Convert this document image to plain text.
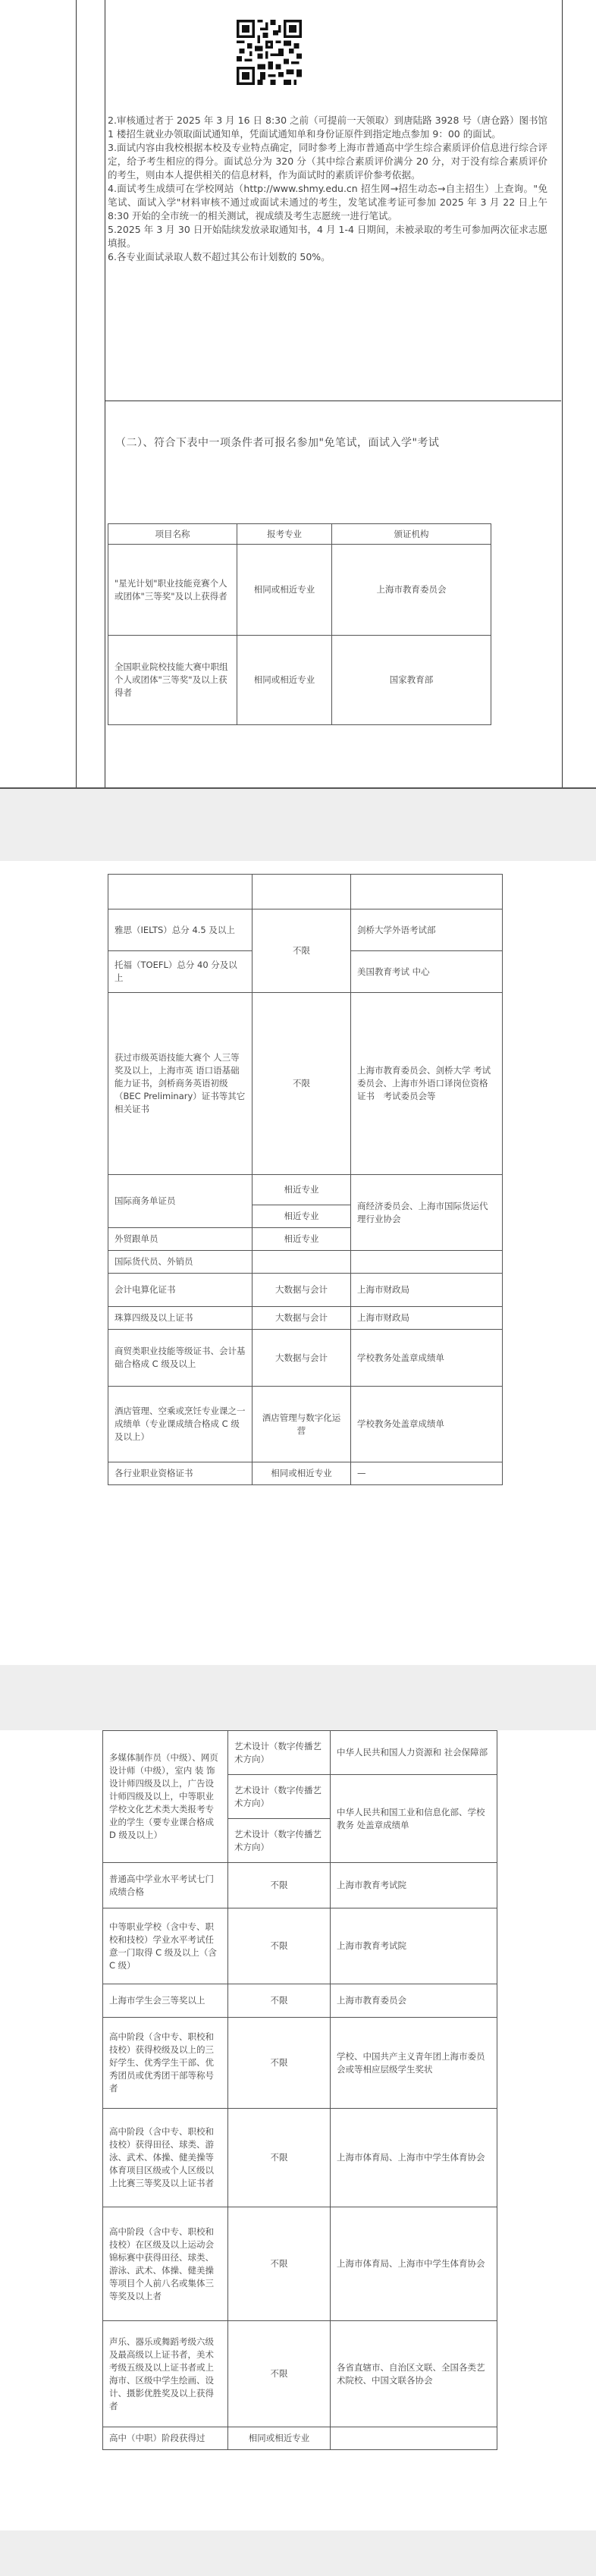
2.审核通过者于 2025 年 3 月 16 日 8:30 之前（可提前一天领取）到唐陆路 3928 号（唐仓路）图书馆 1 楼招生就业办领取面试通知单，凭面试通知单和身份证原件到指定地点参加 9：00 的面试。

3.面试内容由我校根据本校及专业特点确定，同时参考上海市普通高中学生综合素质评价信息进行综合评定，给予考生相应的得分。面试总分为 320 分（其中综合素质评价满分 20 分，对于没有综合素质评价的考生，则由本人提供相关的信息材料，作为面试时的素质评价参考依据。

4.面试考生成绩可在学校网站（http://www.shmy.edu.cn 招生网→招生动态→自主招生）上查询。"免笔试、面试入学"材料审核不通过或面试未通过的考生，发笔试准考证可参加 2025 年 3 月 22 日上午 8:30 开始的全市统一的相关测试，视成绩及考生志愿统一进行笔试。

5.2025 年 3 月 30 日开始陆续发放录取通知书，4 月 1-4 日期间，未被录取的考生可参加两次征求志愿填报。

6.各专业面试录取人数不超过其公布计划数的 50%。

（二）、符合下表中一项条件者可报名参加"免笔试，面试入学"考试
项目名称	报考专业	颁证机构
"星光计划"职业技能竞赛个人或团体"三等奖"及以上获得者	相同或相近专业	上海市教育委员会
全国职业院校技能大赛中职组个人或团体"三等奖"及以上获得者	相同或相近专业	国家教育部

雅思（IELTS）总分 4.5 及以上	不限	剑桥大学外语考试部
托福（TOEFL）总分 40 分及以上		美国教育考试 中心
获过市级英语技能大赛个 人三等奖及以上，上海市英 语口语基础能力证书，剑桥商务英语初级（BEC Preliminary）证书等其它相关证书	不限	上海市教育委员会、剑桥大学 考试委员会、上海市外语口译岗位资格证书　考试委员会等
国际商务单证员	相近专业	商经济委员会、上海市国际货运代理行业协会
	相近专业	
外贸跟单员	相近专业	
国际货代员、外销员		
会计电算化证书	大数据与会计	上海市财政局
珠算四级及以上证书	大数据与会计	上海市财政局
商贸类职业技能等级证书、会计基础合格成 C 级及以上	大数据与会计	学校教务处盖章成绩单
酒店管理、空乘或烹饪专业课之一成绩单（专业课成绩合格成 C 级及以上）	酒店管理与数字化运营	学校教务处盖章成绩单
各行业职业资格证书	相同或相近专业	—
多媒体制作员（中级）、网页设计师（中级），室内 装 饰设计师四级及以上，广告设计师四级及以上，中等职业学校文化艺术类大类报考专业的学生（要专业课合格成 D 级及以上）	艺术设计（数字传播艺术方向）	中华人民共和国人力资源和 社会保障部
	艺术设计（数字传播艺术方向）	中华人民共和国工业和信息化部、学校教务 处盖章成绩单
	艺术设计（数字传播艺术方向）	
普通高中学业水平考试七门成绩合格	不限	上海市教育考试院
中等职业学校（含中专、职校和技校）学业水平考试任意一门取得 C 级及以上（含 C 级）	不限	上海市教育考试院
上海市学生会三等奖以上	不限	上海市教育委员会
高中阶段（含中专、职校和技校）获得校级及以上的三好学生、优秀学生干部、优秀团员或优秀团干部等称号者	不限	学校、中国共产主义青年团上海市委员会或等相应层级学生奖状
高中阶段（含中专、职校和 技校）获得田径、球类、游泳、武术、体操、健美操等体育项目区级或个人区级以上比赛三等奖及以上证书者	不限	上海市体育局、上海市中学生体育协会
高中阶段（含中专、职校和 技校）在区级及以上运动会锦标赛中获得田径、球类、游泳、武术、体操、健美操等项目个人前八名或集体三等奖及以上者	不限	上海市体育局、上海市中学生体育协会
声乐、器乐或舞蹈考级六级 及最高级以上证书者，美术考级五级及以上证书者或上海市、区级中学生绘画、设计、摄影优胜奖及以上获得者	不限	各省直辖市、自治区文联、全国各类艺术院校、中国文联各协会
高中（中职）阶段获得过	相同或相近专业	
